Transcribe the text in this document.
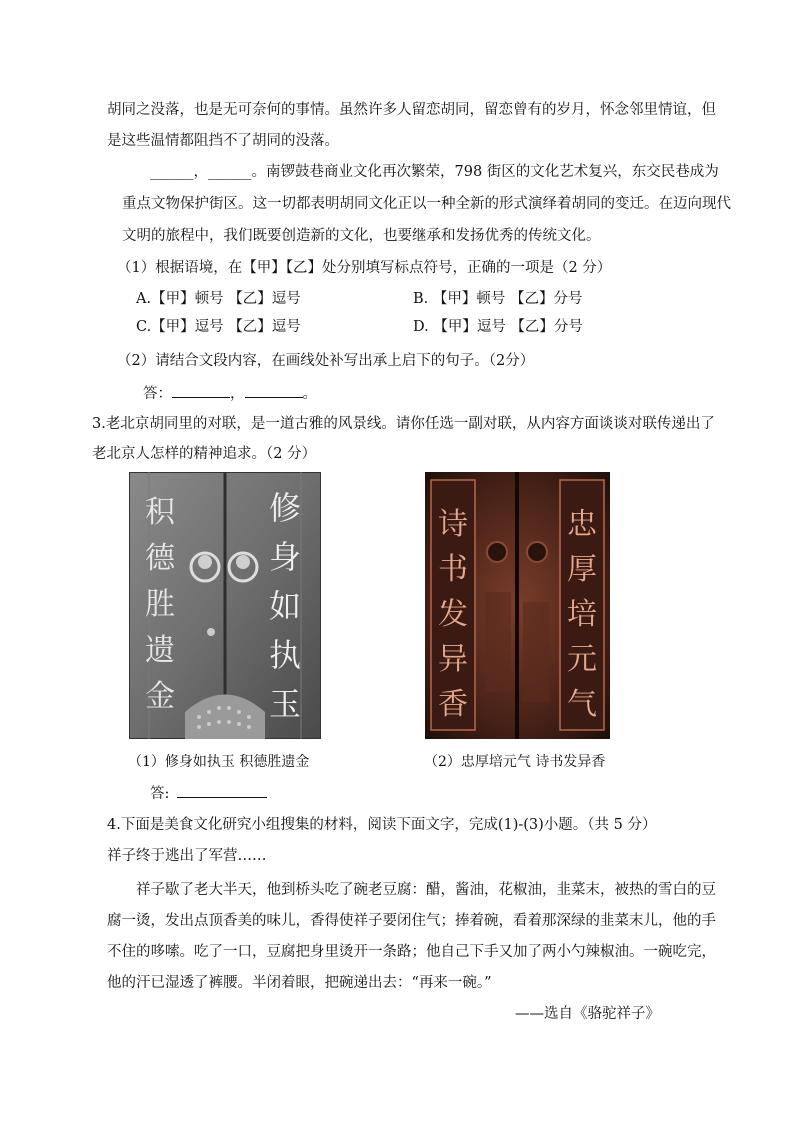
胡同之没落，也是无可奈何的事情。虽然许多人留恋胡同，留恋曾有的岁月，怀念邻里情谊，但
是这些温情都阻挡不了胡同的没落。
______，______。南锣鼓巷商业文化再次繁荣，798 街区的文化艺术复兴，东交民巷成为
重点文物保护街区。这一切都表明胡同文化正以一种全新的形式演绎着胡同的变迁。在迈向现代
文明的旅程中，我们既要创造新的文化，也要继承和发扬优秀的传统文化。
（1）根据语境，在【甲】【乙】处分别填写标点符号，正确的一项是（2 分）
A.【甲】顿号 【乙】逗号	B. 【甲】顿号 【乙】分号
C.【甲】逗号 【乙】逗号	D. 【甲】逗号 【乙】分号
（2）请结合文段内容，在画线处补写出承上启下的句子。（2分）
答：	，	。
3.老北京胡同里的对联，是一道古雅的风景线。请你任选一副对联，从内容方面谈谈对联传递出了
老北京人怎样的精神追求。（2 分）
积德胜遗金
修身如执玉
诗书发异香
忠厚培元气
（1）修身如执玉 积德胜遗金	（2）忠厚培元气 诗书发异香
答:
4.下面是美食文化研究小组搜集的材料，阅读下面文字，完成(1)-(3)小题。（共 5 分）
祥子终于逃出了军营……
祥子歇了老大半天，他到桥头吃了碗老豆腐：醋，酱油，花椒油，韭菜末，被热的雪白的豆
腐一烫，发出点顶香美的味儿，香得使祥子要闭住气；捧着碗，看着那深绿的韭菜末儿，他的手
不住的哆嗦。吃了一口，豆腐把身里烫开一条路；他自己下手又加了两小勺辣椒油。一碗吃完，
他的汗已湿透了裤腰。半闭着眼，把碗递出去：“再来一碗。”
——选自《骆驼祥子》
